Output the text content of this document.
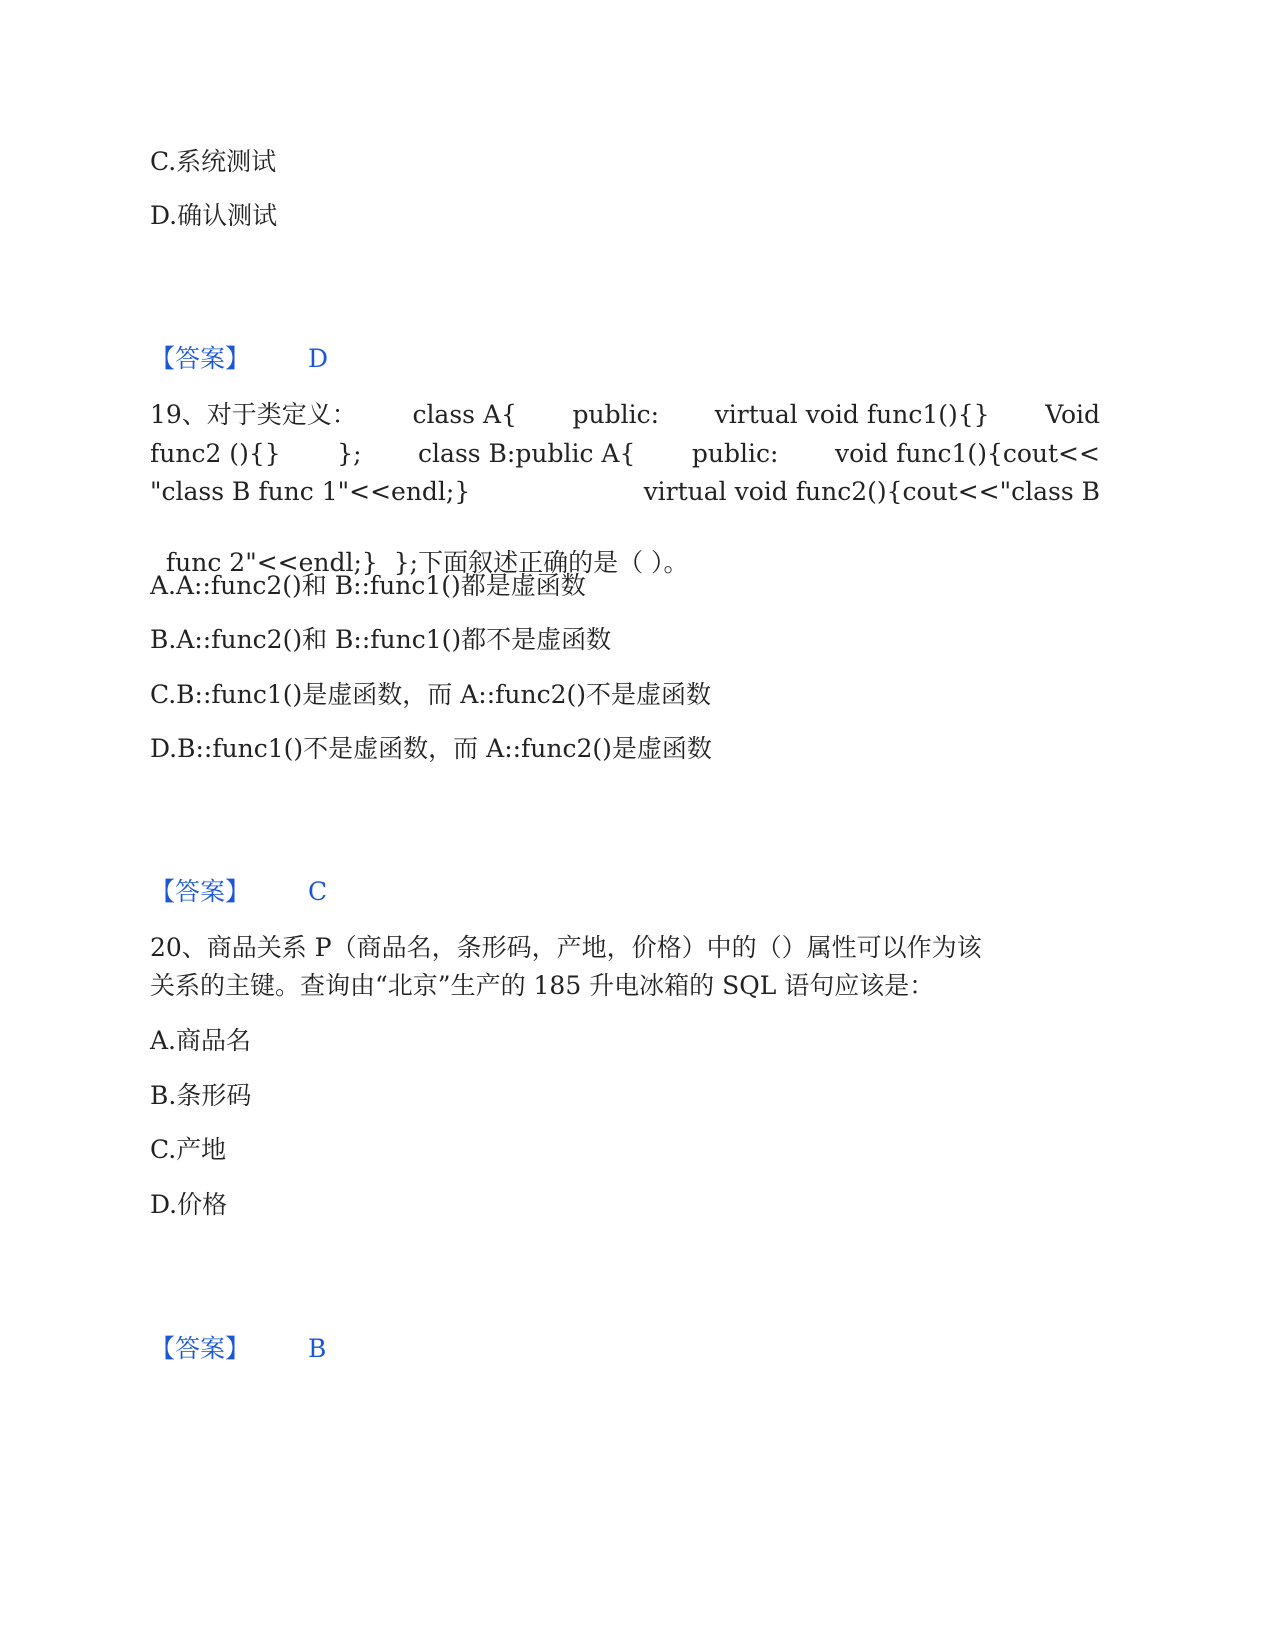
C.系统测试
D.确认测试
【答案】 D
19、对于类定义： class A{ public: virtual void func1(){} Void
func2 (){} }; class B:public A{ public: void func1(){cout<<
"class B func 1"<<endl;}	virtual void func2(){cout<<"class B

func 2"<<endl;} };下面叙述正确的是（ ）。

A.A::func2()和 B::func1()都是虚函数
B.A::func2()和 B::func1()都不是虚函数
C.B::func1()是虚函数，而 A::func2()不是虚函数
D.B::func1()不是虚函数，而 A::func2()是虚函数
【答案】 C
20、商品关系 P（商品名，条形码，产地，价格）中的（）属性可以作为该
关系的主键。查询由“北京”生产的 185 升电冰箱的 SQL 语句应该是：
A.商品名
B.条形码
C.产地
D.价格
【答案】 B
